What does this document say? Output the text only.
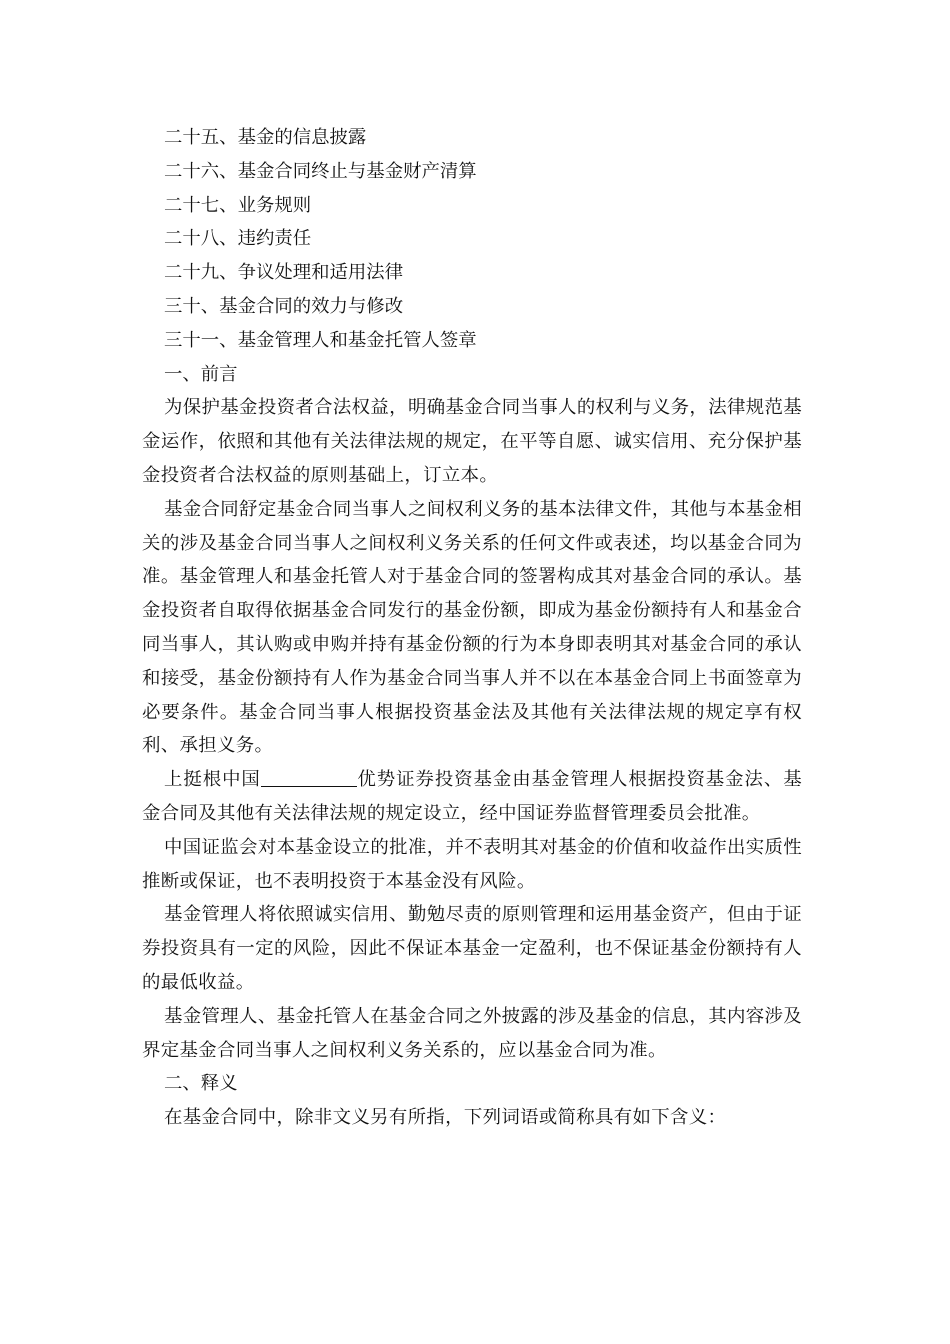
二十五、基金的信息披露
二十六、基金合同终止与基金财产清算
二十七、业务规则
二十八、违约责任
二十九、争议处理和适用法律
三十、基金合同的效力与修改
三十一、基金管理人和基金托管人签章
一、前言

为保护基金投资者合法权益，明确基金合同当事人的权利与义务，法律规范基金运作，依照和其他有关法律法规的规定，在平等自愿、诚实信用、充分保护基金投资者合法权益的原则基础上，订立本。

基金合同舒定基金合同当事人之间权利义务的基本法律文件，其他与本基金相关的涉及基金合同当事人之间权利义务关系的任何文件或表述，均以基金合同为准。基金管理人和基金托管人对于基金合同的签署构成其对基金合同的承认。基金投资者自取得依据基金合同发行的基金份额，即成为基金份额持有人和基金合同当事人，其认购或申购并持有基金份额的行为本身即表明其对基金合同的承认和接受，基金份额持有人作为基金合同当事人并不以在本基金合同上书面签章为必要条件。基金合同当事人根据投资基金法及其他有关法律法规的规定享有权利、承担义务。

上挺根中国	优势证券投资基金由基金管理人根据投资基金法、基金合同及其他有关法律法规的规定设立，经中国证券监督管理委员会批准。

中国证监会对本基金设立的批准，并不表明其对基金的价值和收益作出实质性推断或保证，也不表明投资于本基金没有风险。

基金管理人将依照诚实信用、勤勉尽责的原则管理和运用基金资产，但由于证券投资具有一定的风险，因此不保证本基金一定盈利，也不保证基金份额持有人的最低收益。

基金管理人、基金托管人在基金合同之外披露的涉及基金的信息，其内容涉及界定基金合同当事人之间权利义务关系的，应以基金合同为准。

二、释义

在基金合同中，除非文义另有所指，下列词语或简称具有如下含义：
